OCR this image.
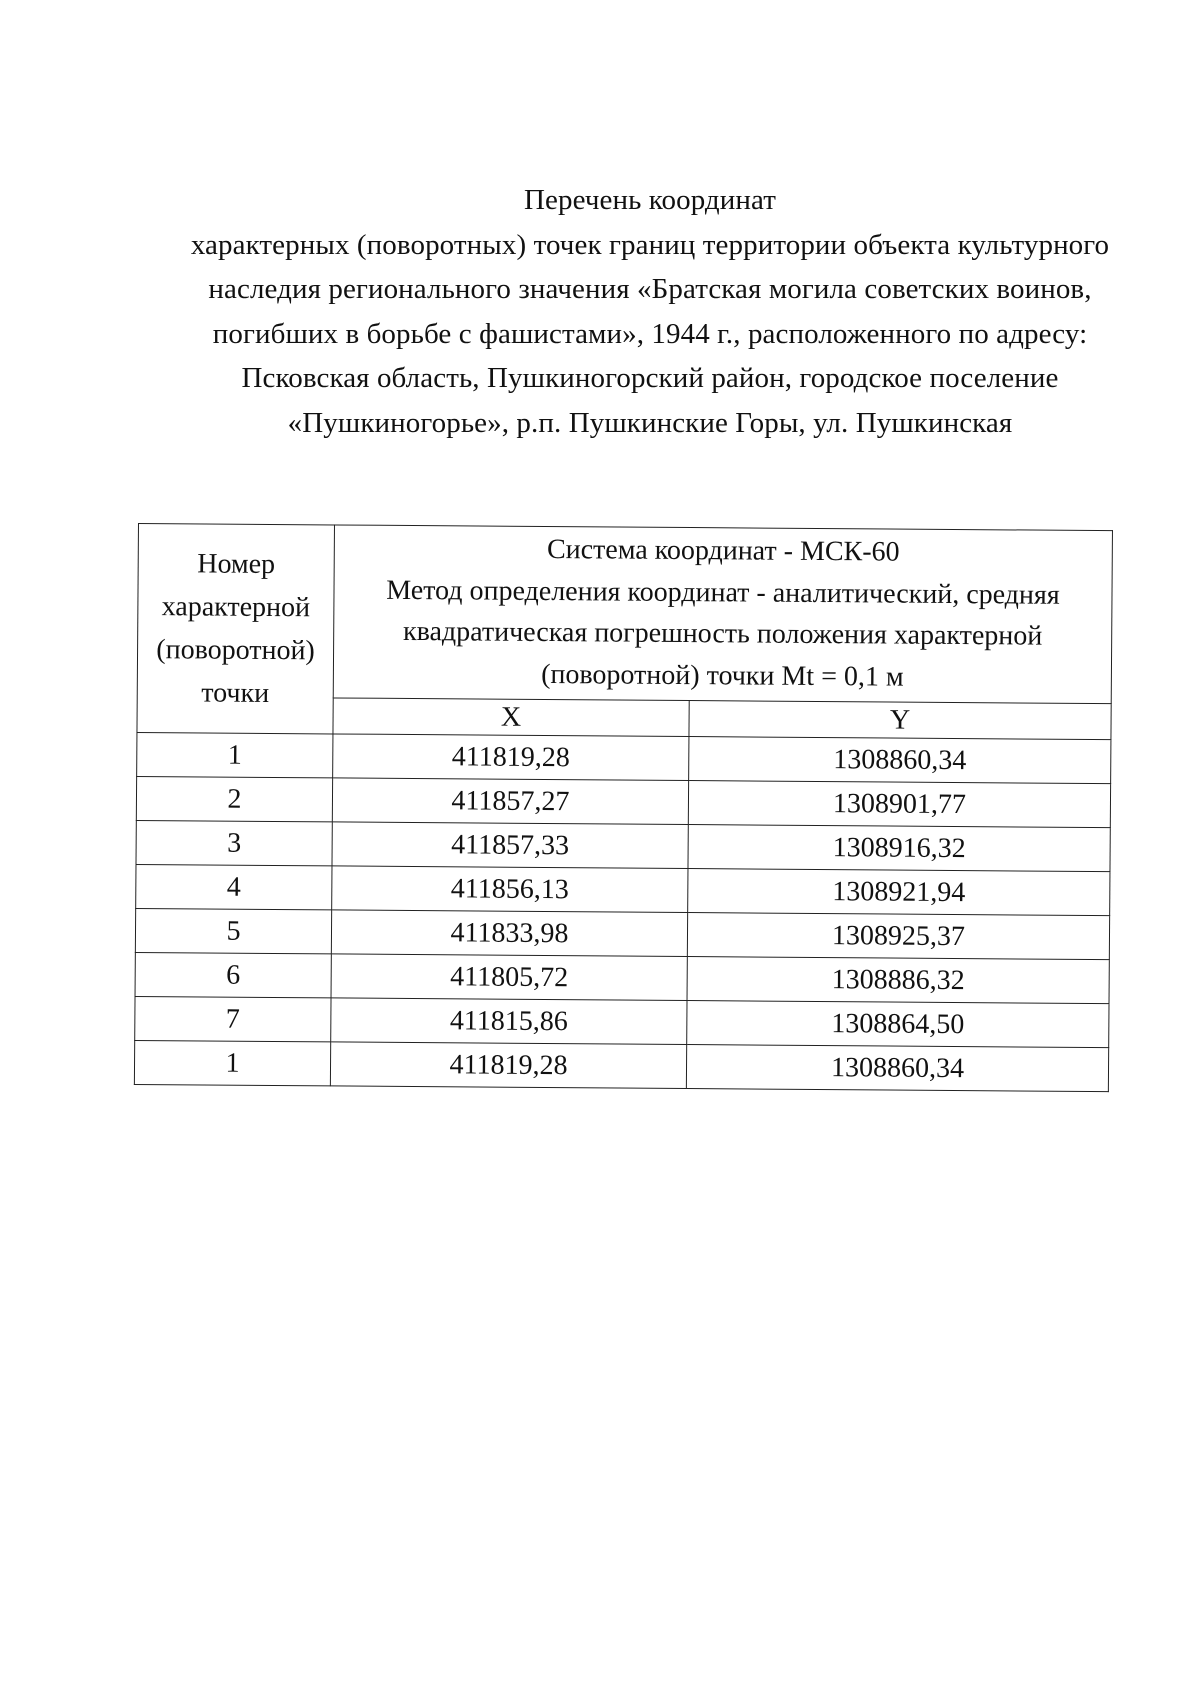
Перечень координат
характерных (поворотных) точек границ территории объекта культурного
наследия регионального значения «Братская могила советских воинов,
погибших в борьбе с фашистами», 1944 г., расположенного по адресу:
Псковская область, Пушкиногорский район, городское поселение
«Пушкиногорье», р.п. Пушкинские Горы, ул. Пушкинская
Номер
характерной
(поворотной)
точки	Система координат - МСК-60
Метод определения координат - аналитический, средняя
квадратическая погрешность положения характерной
(поворотной) точки Mt = 0,1 м	
	X	Y
1	411819,28	1308860,34
2	411857,27	1308901,77
3	411857,33	1308916,32
4	411856,13	1308921,94
5	411833,98	1308925,37
6	411805,72	1308886,32
7	411815,86	1308864,50
1	411819,28	1308860,34
